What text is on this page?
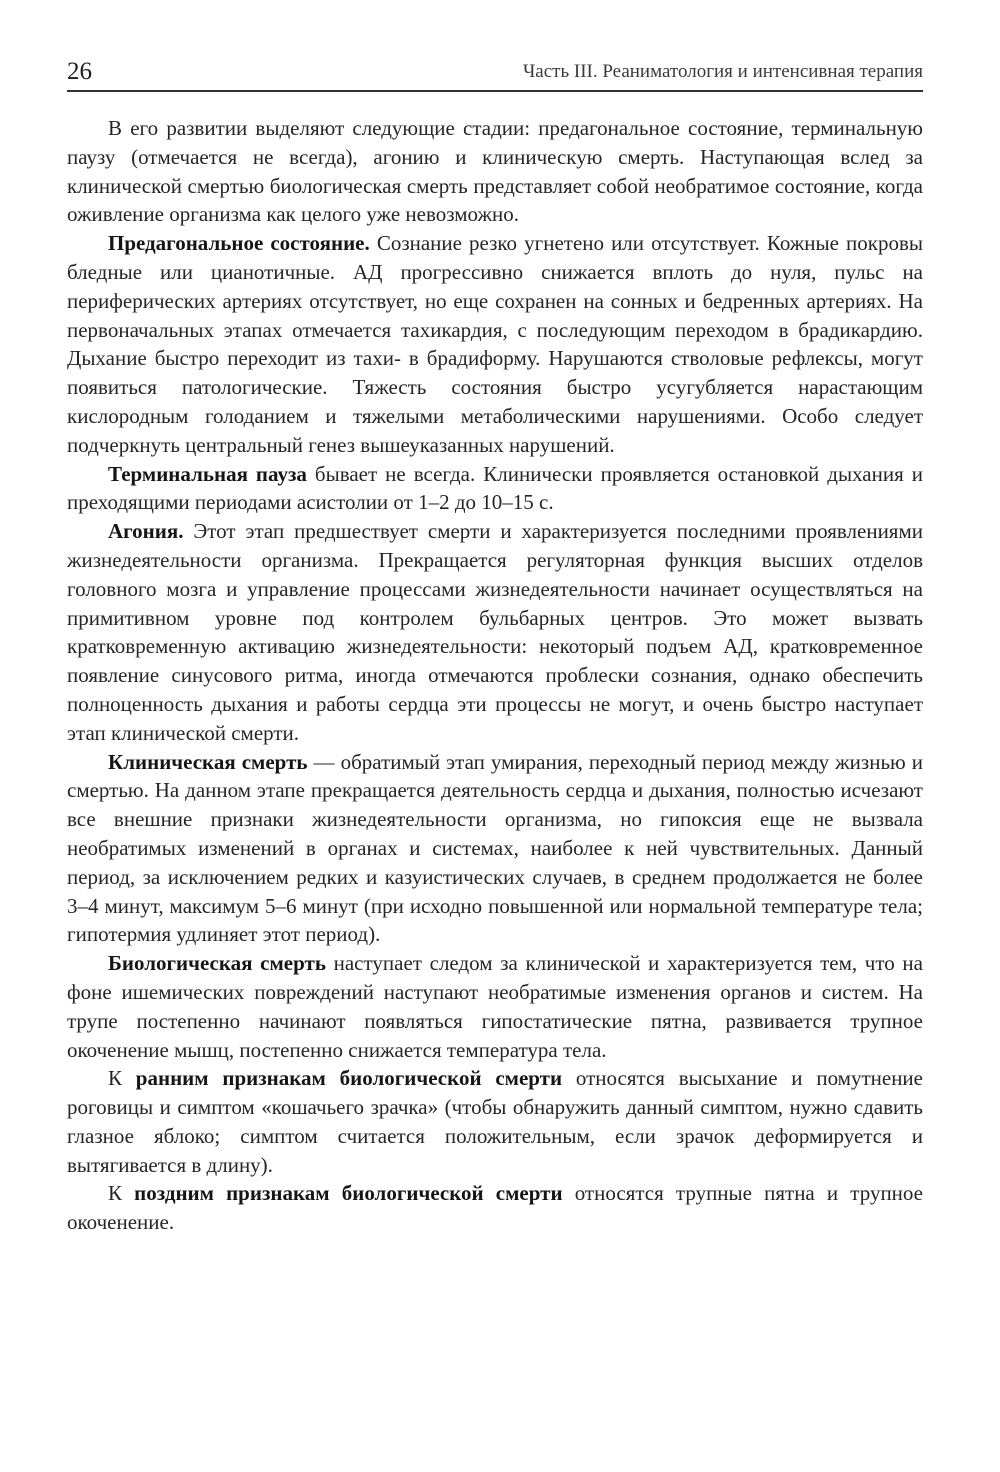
26	Часть III. Реаниматология и интенсивная терапия

В его развитии выделяют следующие стадии: предагональное состояние, терминальную паузу (отмечается не всегда), агонию и клиническую смерть. Наступающая вслед за клинической смертью биологическая смерть представляет собой необратимое состояние, когда оживление организма как целого уже невозможно.

Предагональное состояние. Сознание резко угнетено или отсутствует. Кожные покровы бледные или цианотичные. АД прогрессивно снижается вплоть до нуля, пульс на периферических артериях отсутствует, но еще сохранен на сонных и бедренных артериях. На первоначальных этапах отмечается тахикардия, с последующим переходом в брадикардию. Дыхание быстро переходит из тахи- в брадиформу. Нарушаются стволовые рефлексы, могут появиться патологические. Тяжесть состояния быстро усугубляется нарастающим кислородным голоданием и тяжелыми метаболическими нарушениями. Особо следует подчеркнуть центральный генез вышеуказанных нарушений.

Терминальная пауза бывает не всегда. Клинически проявляется остановкой дыхания и преходящими периодами асистолии от 1–2 до 10–15 с.

Агония. Этот этап предшествует смерти и характеризуется последними проявлениями жизнедеятельности организма. Прекращается регуляторная функция высших отделов головного мозга и управление процессами жизнедеятельности начинает осуществляться на примитивном уровне под контролем бульбарных центров. Это может вызвать кратковременную активацию жизнедеятельности: некоторый подъем АД, кратковременное появление синусового ритма, иногда отмечаются проблески сознания, однако обеспечить полноценность дыхания и работы сердца эти процессы не могут, и очень быстро наступает этап клинической смерти.

Клиническая смерть — обратимый этап умирания, переходный период между жизнью и смертью. На данном этапе прекращается деятельность сердца и дыхания, полностью исчезают все внешние признаки жизнедеятельности организма, но гипоксия еще не вызвала необратимых изменений в органах и системах, наиболее к ней чувствительных. Данный период, за исключением редких и казуистических случаев, в среднем продолжается не более 3–4 минут, максимум 5–6 минут (при исходно повышенной или нормальной температуре тела; гипотермия удлиняет этот период).

Биологическая смерть наступает следом за клинической и характеризуется тем, что на фоне ишемических повреждений наступают необратимые изменения органов и систем. На трупе постепенно начинают появляться гипостатические пятна, развивается трупное окоченение мышц, постепенно снижается температура тела.

К ранним признакам биологической смерти относятся высыхание и помутнение роговицы и симптом «кошачьего зрачка» (чтобы обнаружить данный симптом, нужно сдавить глазное яблоко; симптом считается положительным, если зрачок деформируется и вытягивается в длину).

К поздним признакам биологической смерти относятся трупные пятна и трупное окоченение.
